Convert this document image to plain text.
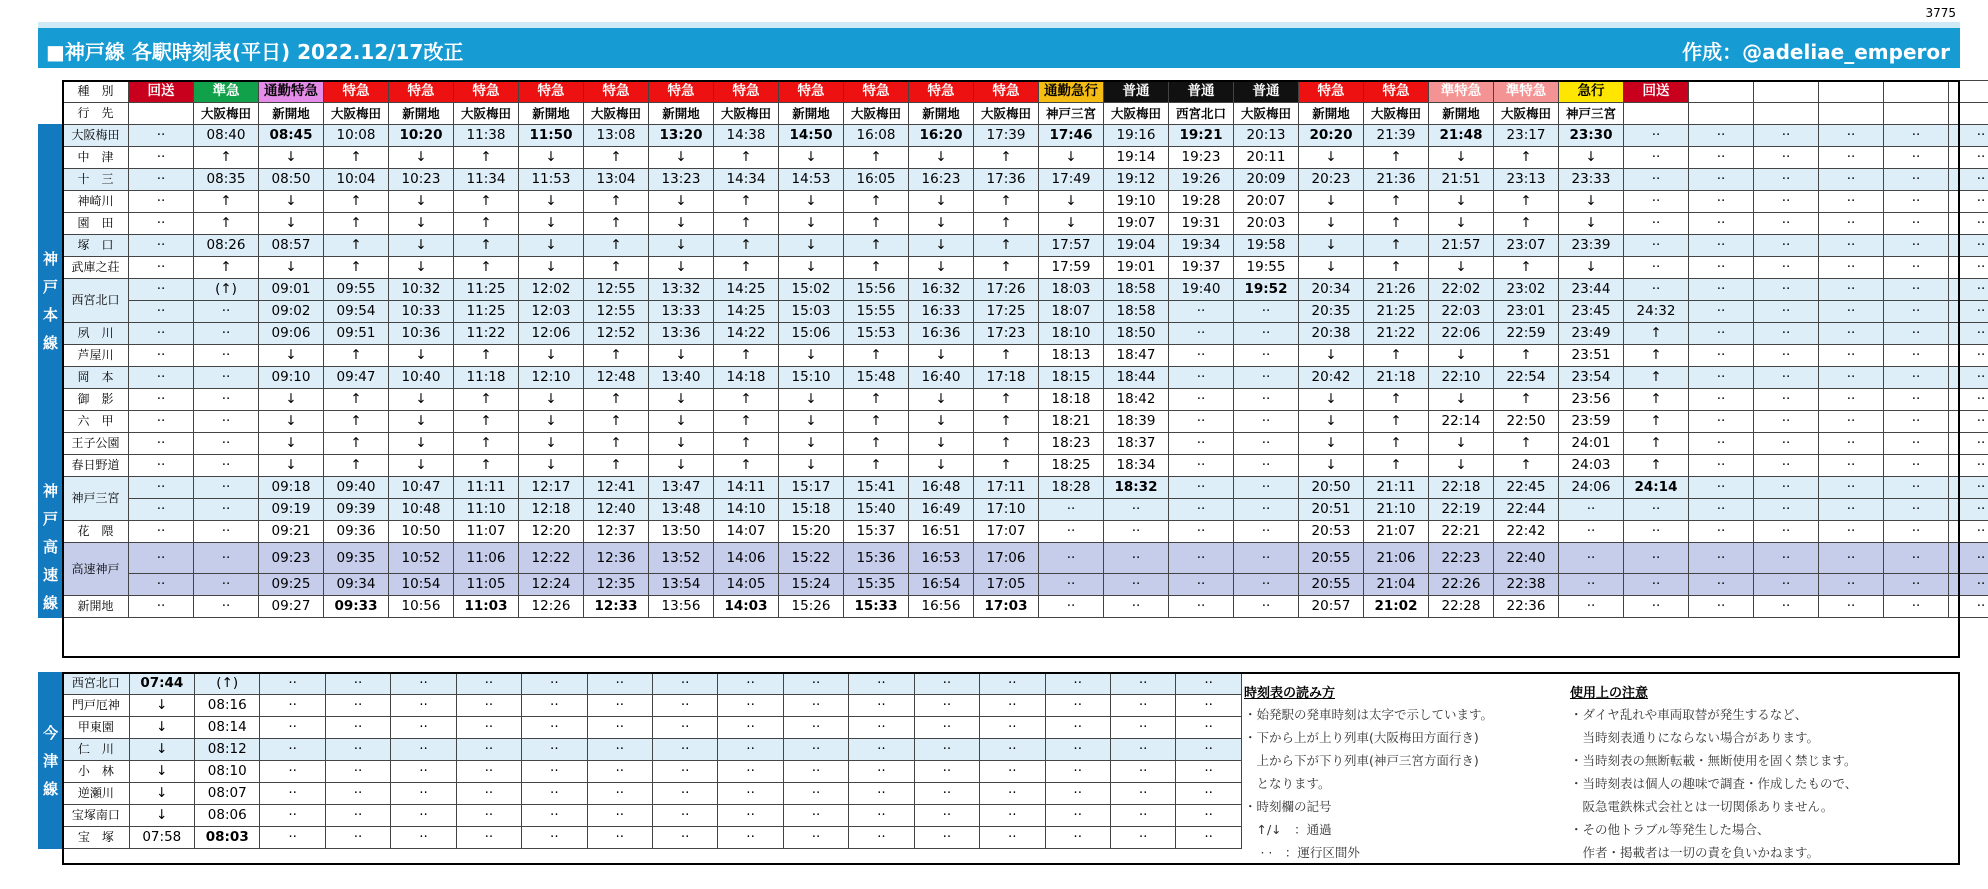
3775
■神戸線 各駅時刻表(平日) 2022.12/17改正	作成：@adeliae_emperor
	種　別	回送	準急	通勤特急	特急	特急	特急	特急	特急	特急	特急	特急	特急	特急	特急	通勤急行	普通	普通	普通	特急	特急	準特急	準特急	急行	回送					
	行　先		大阪梅田	新開地	大阪梅田	新開地	大阪梅田	新開地	大阪梅田	新開地	大阪梅田	新開地	大阪梅田	新開地	大阪梅田	神戸三宮	大阪梅田	西宮北口	大阪梅田	新開地	大阪梅田	新開地	大阪梅田	神戸三宮						
神戸本線	大阪梅田	··	08:40	08:45	10:08	10:20	11:38	11:50	13:08	13:20	14:38	14:50	16:08	16:20	17:39	17:46	19:16	19:21	20:13	20:20	21:39	21:48	23:17	23:30	··	··	··	··	··	··
	中　津	··	↑	↓	↑	↓	↑	↓	↑	↓	↑	↓	↑	↓	↑	↓	19:14	19:23	20:11	↓	↑	↓	↑	↓	··	··	··	··	··	··
	十　三	··	08:35	08:50	10:04	10:23	11:34	11:53	13:04	13:23	14:34	14:53	16:05	16:23	17:36	17:49	19:12	19:26	20:09	20:23	21:36	21:51	23:13	23:33	··	··	··	··	··	··
	神崎川	··	↑	↓	↑	↓	↑	↓	↑	↓	↑	↓	↑	↓	↑	↓	19:10	19:28	20:07	↓	↑	↓	↑	↓	··	··	··	··	··	··
	園　田	··	↑	↓	↑	↓	↑	↓	↑	↓	↑	↓	↑	↓	↑	↓	19:07	19:31	20:03	↓	↑	↓	↑	↓	··	··	··	··	··	··
	塚　口	··	08:26	08:57	↑	↓	↑	↓	↑	↓	↑	↓	↑	↓	↑	17:57	19:04	19:34	19:58	↓	↑	21:57	23:07	23:39	··	··	··	··	··	··
	武庫之荘	··	↑	↓	↑	↓	↑	↓	↑	↓	↑	↓	↑	↓	↑	17:59	19:01	19:37	19:55	↓	↑	↓	↑	↓	··	··	··	··	··	··
	西宮北口	··	(↑)	09:01	09:55	10:32	11:25	12:02	12:55	13:32	14:25	15:02	15:56	16:32	17:26	18:03	18:58	19:40	19:52	20:34	21:26	22:02	23:02	23:44	··	··	··	··	··	··
		··	··	09:02	09:54	10:33	11:25	12:03	12:55	13:33	14:25	15:03	15:55	16:33	17:25	18:07	18:58	··	··	20:35	21:25	22:03	23:01	23:45	24:32	··	··	··	··	··
	夙　川	··	··	09:06	09:51	10:36	11:22	12:06	12:52	13:36	14:22	15:06	15:53	16:36	17:23	18:10	18:50	··	··	20:38	21:22	22:06	22:59	23:49	↑	··	··	··	··	··
	芦屋川	··	··	↓	↑	↓	↑	↓	↑	↓	↑	↓	↑	↓	↑	18:13	18:47	··	··	↓	↑	↓	↑	23:51	↑	··	··	··	··	··
	岡　本	··	··	09:10	09:47	10:40	11:18	12:10	12:48	13:40	14:18	15:10	15:48	16:40	17:18	18:15	18:44	··	··	20:42	21:18	22:10	22:54	23:54	↑	··	··	··	··	··
	御　影	··	··	↓	↑	↓	↑	↓	↑	↓	↑	↓	↑	↓	↑	18:18	18:42	··	··	↓	↑	↓	↑	23:56	↑	··	··	··	··	··
	六　甲	··	··	↓	↑	↓	↑	↓	↑	↓	↑	↓	↑	↓	↑	18:21	18:39	··	··	↓	↑	22:14	22:50	23:59	↑	··	··	··	··	··
	王子公園	··	··	↓	↑	↓	↑	↓	↑	↓	↑	↓	↑	↓	↑	18:23	18:37	··	··	↓	↑	↓	↑	24:01	↑	··	··	··	··	··
	春日野道	··	··	↓	↑	↓	↑	↓	↑	↓	↑	↓	↑	↓	↑	18:25	18:34	··	··	↓	↑	↓	↑	24:03	↑	··	··	··	··	··
神戸高速線	神戸三宮	··	··	09:18	09:40	10:47	11:11	12:17	12:41	13:47	14:11	15:17	15:41	16:48	17:11	18:28	18:32	··	··	20:50	21:11	22:18	22:45	24:06	24:14	··	··	··	··	··
		··	··	09:19	09:39	10:48	11:10	12:18	12:40	13:48	14:10	15:18	15:40	16:49	17:10	··	··	··	··	20:51	21:10	22:19	22:44	··	··	··	··	··	··	··
	花　隈	··	··	09:21	09:36	10:50	11:07	12:20	12:37	13:50	14:07	15:20	15:37	16:51	17:07	··	··	··	··	20:53	21:07	22:21	22:42	··	··	··	··	··	··	··
	高速神戸	··	··	09:23	09:35	10:52	11:06	12:22	12:36	13:52	14:06	15:22	15:36	16:53	17:06	··	··	··	··	20:55	21:06	22:23	22:40	··	··	··	··	··	··	··
		··	··	09:25	09:34	10:54	11:05	12:24	12:35	13:54	14:05	15:24	15:35	16:54	17:05	··	··	··	··	20:55	21:04	22:26	22:38	··	··	··	··	··	··	··
	新開地	··	··	09:27	09:33	10:56	11:03	12:26	12:33	13:56	14:03	15:26	15:33	16:56	17:03	··	··	··	··	20:57	21:02	22:28	22:36	··	··	··	··	··	··	··
今津線	西宮北口	07:44	(↑)	··	··	··	··	··	··	··	··	··	··	··	··	··	··	··
	門戸厄神	↓	08:16	··	··	··	··	··	··	··	··	··	··	··	··	··	··	··
	甲東園	↓	08:14	··	··	··	··	··	··	··	··	··	··	··	··	··	··	··
	仁　川	↓	08:12	··	··	··	··	··	··	··	··	··	··	··	··	··	··	··
	小　林	↓	08:10	··	··	··	··	··	··	··	··	··	··	··	··	··	··	··
	逆瀬川	↓	08:07	··	··	··	··	··	··	··	··	··	··	··	··	··	··	··
	宝塚南口	↓	08:06	··	··	··	··	··	··	··	··	··	··	··	··	··	··	··
	宝　塚	07:58	08:03	··	··	··	··	··	··	··	··	··	··	··	··	··	··	··
時刻表の読み方
・始発駅の発車時刻は太字で示しています。
・下から上が上り列車(大阪梅田方面行き)
　上から下が下り列車(神戸三宮方面行き)
　となります。
・時刻欄の記号
　↑/↓　：通過
　 · ·　：運行区間外
使用上の注意
・ダイヤ乱れや車両取替が発生するなど、
　当時刻表通りにならない場合があります。
・当時刻表の無断転載・無断使用を固く禁じます。
・当時刻表は個人の趣味で調査・作成したもので、
　阪急電鉄株式会社とは一切関係ありません。
・その他トラブル等発生した場合、
　作者・掲載者は一切の責を負いかねます。
